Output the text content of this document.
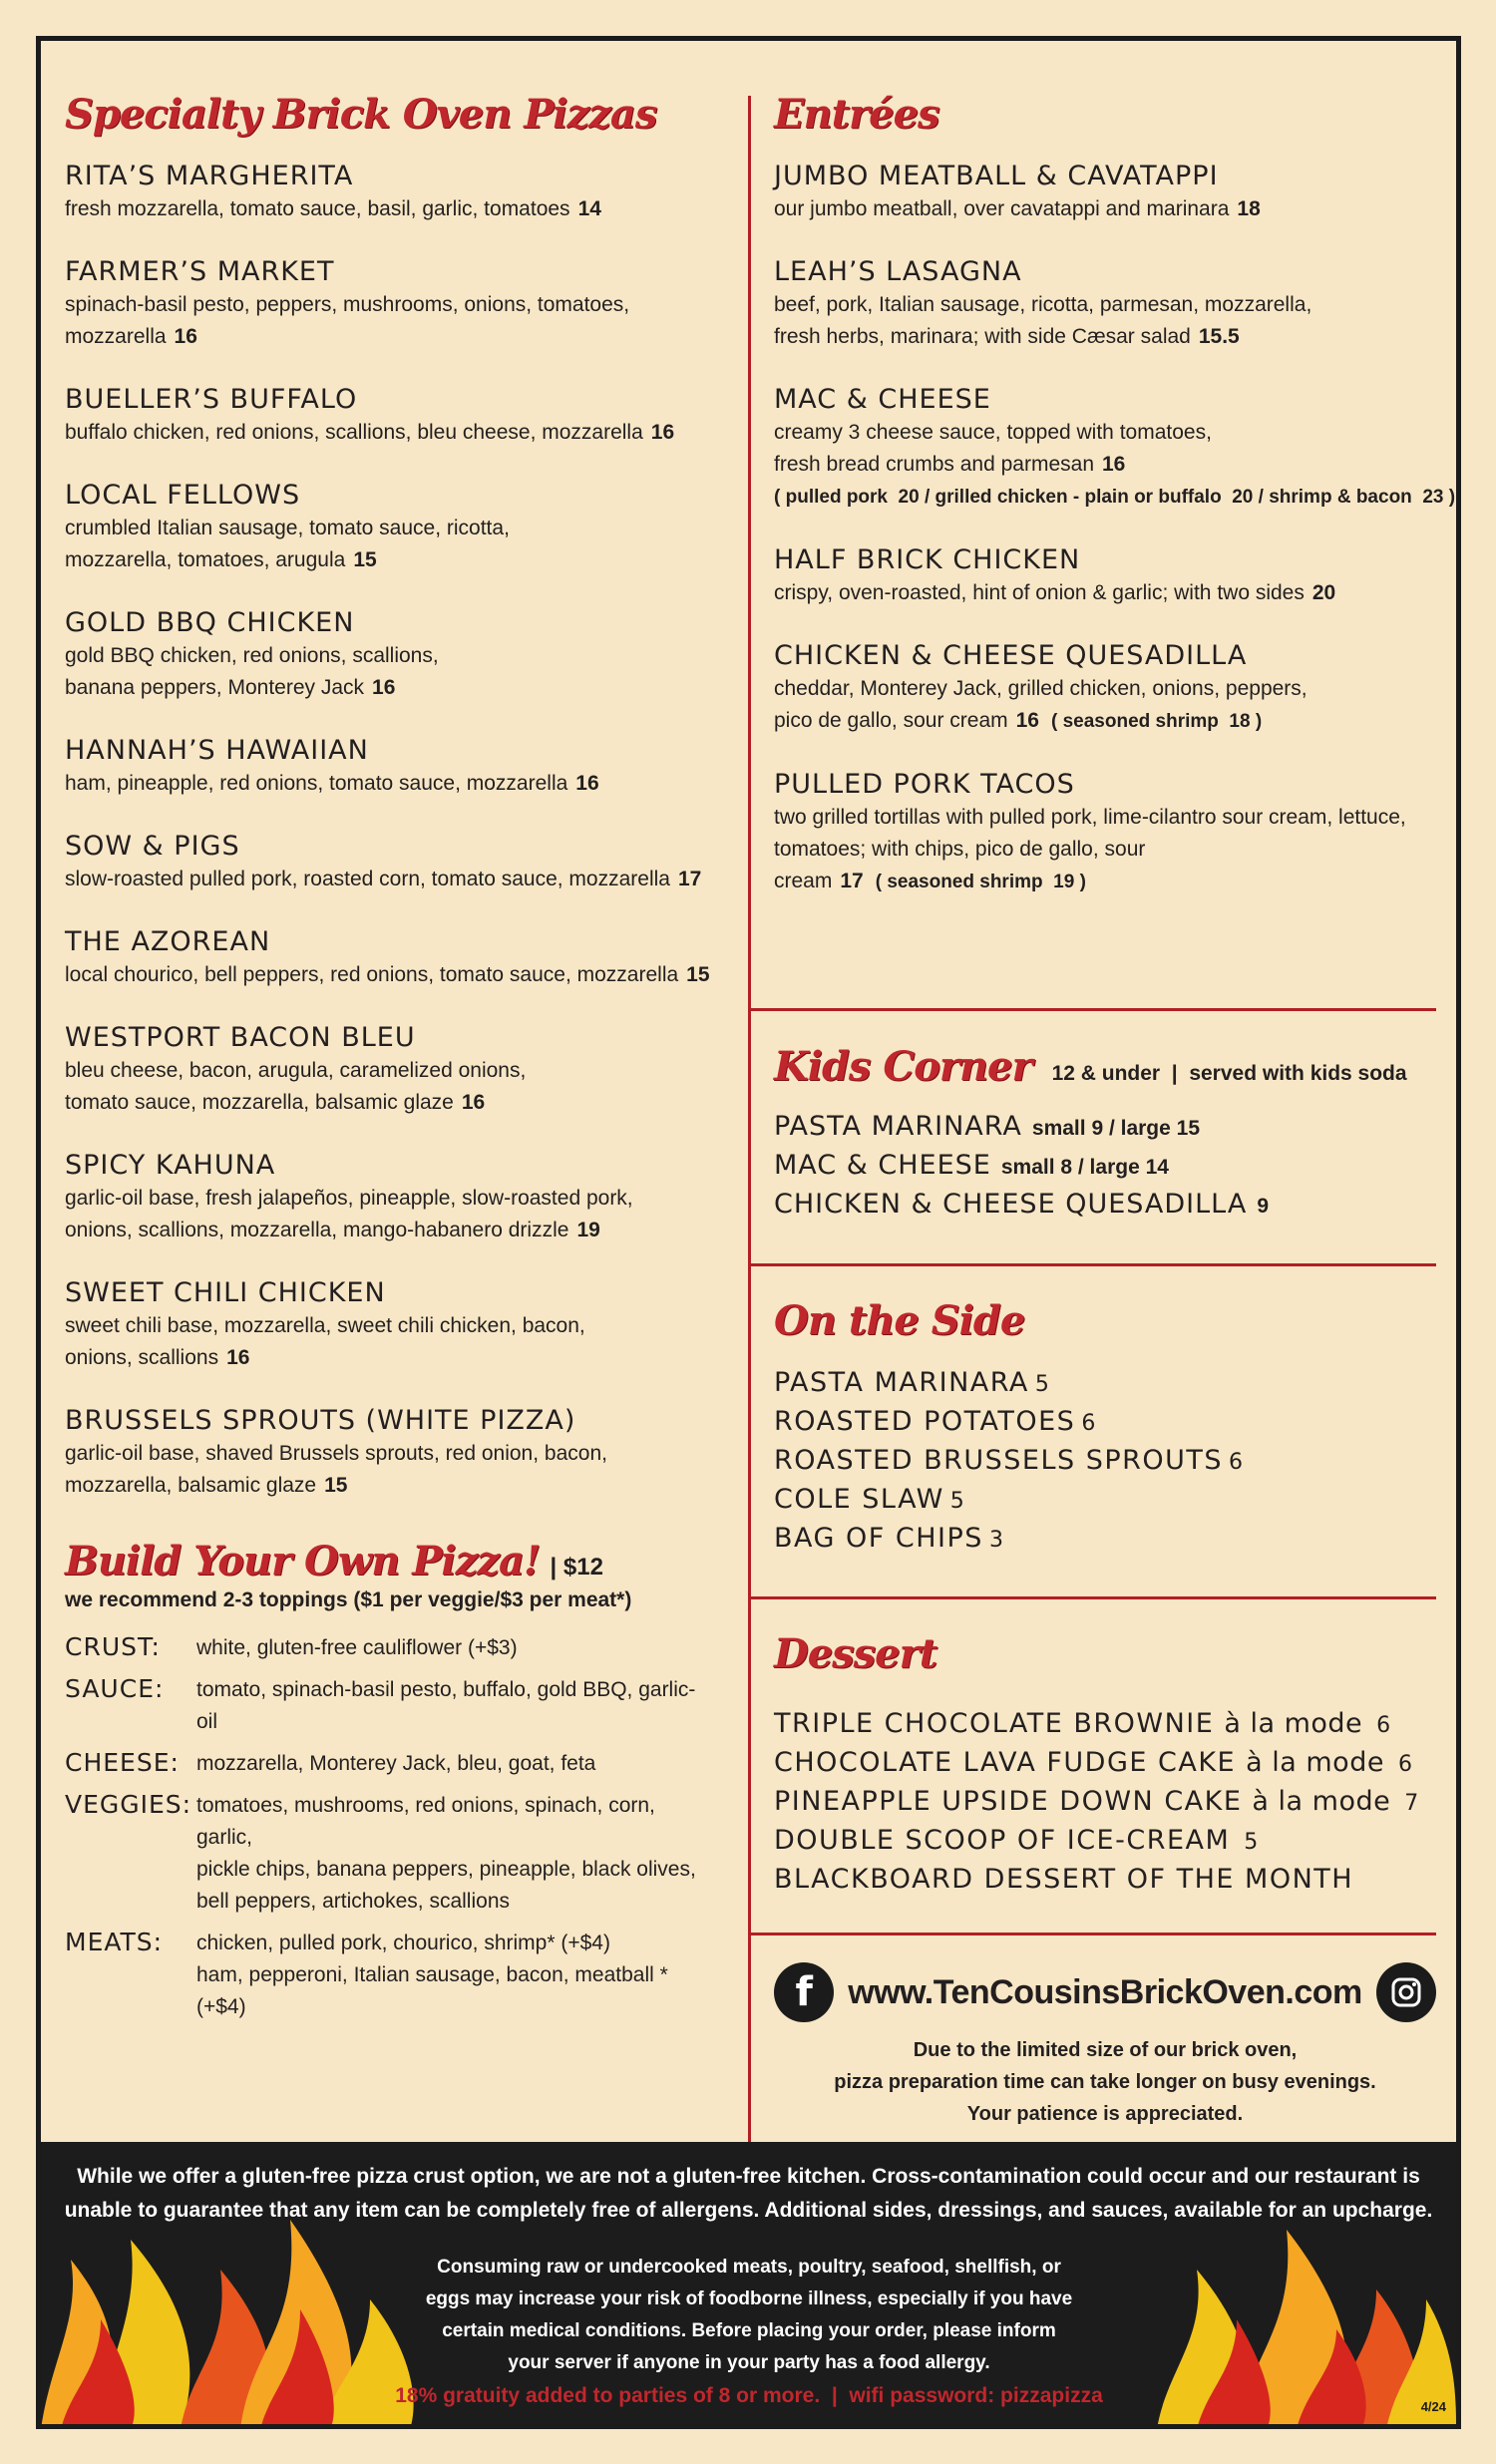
Specialty Brick Oven Pizzas
RITA’S MARGHERITA
fresh mozzarella, tomato sauce, basil, garlic, tomatoes 14
FARMER’S MARKET
spinach-basil pesto, peppers, mushrooms, onions, tomatoes,
mozzarella 16
BUELLER’S BUFFALO
buffalo chicken, red onions, scallions, bleu cheese, mozzarella 16
LOCAL FELLOWS
crumbled Italian sausage, tomato sauce, ricotta,
mozzarella, tomatoes, arugula 15
GOLD BBQ CHICKEN
gold BBQ chicken, red onions, scallions,
banana peppers, Monterey Jack 16
HANNAH’S HAWAIIAN
ham, pineapple, red onions, tomato sauce, mozzarella 16
SOW & PIGS
slow-roasted pulled pork, roasted corn, tomato sauce, mozzarella 17
THE AZOREAN
local chourico, bell peppers, red onions, tomato sauce, mozzarella 15
WESTPORT BACON BLEU
bleu cheese, bacon, arugula, caramelized onions,
tomato sauce, mozzarella, balsamic glaze 16
SPICY KAHUNA
garlic-oil base, fresh jalapeños, pineapple, slow-roasted pork,
onions, scallions, mozzarella, mango-habanero drizzle 19
SWEET CHILI CHICKEN
sweet chili base, mozzarella, sweet chili chicken, bacon,
onions, scallions 16
BRUSSELS SPROUTS (WHITE PIZZA)
garlic-oil base, shaved Brussels sprouts, red onion, bacon,
mozzarella, balsamic glaze 15
Build Your Own Pizza! | $12
we recommend 2-3 toppings ($1 per veggie/$3 per meat*)
CRUST:	white, gluten-free cauliflower (+$3)
SAUCE:	tomato, spinach-basil pesto, buffalo, gold BBQ, garlic-oil
CHEESE: mozzarella, Monterey Jack, bleu, goat, feta
VEGGIES: tomatoes, mushrooms, red onions, spinach, corn, garlic,
pickle chips, banana peppers, pineapple, black olives,
bell peppers, artichokes, scallions
MEATS:	chicken, pulled pork, chourico, shrimp* (+$4)
ham, pepperoni, Italian sausage, bacon, meatball * (+$4)
Entrées
JUMBO MEATBALL & CAVATAPPI
our jumbo meatball, over cavatappi and marinara 18
LEAH’S LASAGNA
beef, pork, Italian sausage, ricotta, parmesan, mozzarella,
fresh herbs, marinara; with side Cæsar salad 15.5
MAC & CHEESE
creamy 3 cheese sauce, topped with tomatoes,
fresh bread crumbs and parmesan 16
( pulled pork  20 / grilled chicken - plain or buffalo  20 / shrimp & bacon  23 )
HALF BRICK CHICKEN
crispy, oven-roasted, hint of onion & garlic; with two sides 20
CHICKEN & CHEESE QUESADILLA
cheddar, Monterey Jack, grilled chicken, onions, peppers,
pico de gallo, sour cream 16 ( seasoned shrimp  18 )
PULLED PORK TACOS
two grilled tortillas with pulled pork, lime-cilantro sour cream, lettuce,
tomatoes; with chips, pico de gallo, sour cream 17 ( seasoned shrimp  19 )
Kids Corner 12 & under  |  served with kids soda
PASTA MARINARA small 9 / large 15
MAC & CHEESE small 8 / large 14
CHICKEN & CHEESE QUESADILLA 9
On the Side
PASTA MARINARA 5
ROASTED POTATOES 6
ROASTED BRUSSELS SPROUTS 6
COLE SLAW 5
BAG OF CHIPS 3
Dessert
TRIPLE CHOCOLATE BROWNIE à la mode 6
CHOCOLATE LAVA FUDGE CAKE à la mode 6
PINEAPPLE UPSIDE DOWN CAKE à la mode 7
DOUBLE SCOOP OF ICE-CREAM 5
BLACKBOARD DESSERT OF THE MONTH
f	www.TenCousinsBrickOven.com
Due to the limited size of our brick oven,
pizza preparation time can take longer on busy evenings.
Your patience is appreciated.
While we offer a gluten-free pizza crust option, we are not a gluten-free kitchen. Cross-contamination could occur and our restaurant is
unable to guarantee that any item can be completely free of allergens. Additional sides, dressings, and sauces, available for an upcharge.
Consuming raw or undercooked meats, poultry, seafood, shellfish, or
eggs may increase your risk of foodborne illness, especially if you have
certain medical conditions. Before placing your order, please inform
your server if anyone in your party has a food allergy.
18% gratuity added to parties of 8 or more.  |  wifi password: pizzapizza	4/24
